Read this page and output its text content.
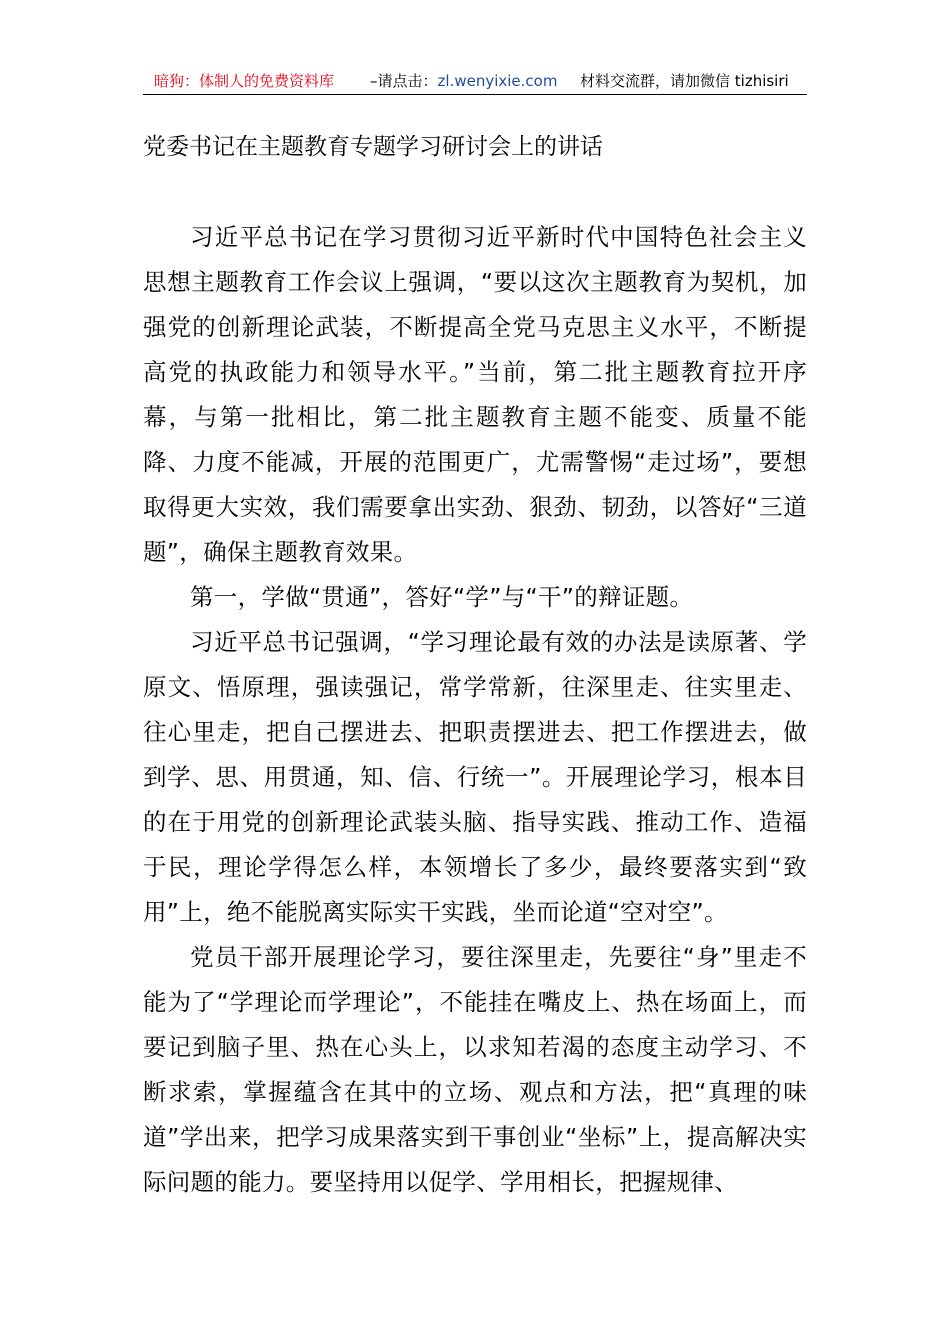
暗狗：体制人的免费资料库 –请点击：zl.wenyixie.com 材料交流群，请加微信 tizhisiri
党委书记在主题教育专题学习研讨会上的讲话

习近平总书记在学习贯彻习近平新时代中国特色社会主义思想主题教育工作会议上强调，“要以这次主题教育为契机，加强党的创新理论武装，不断提高全党马克思主义水平，不断提高党的执政能力和领导水平。”当前，第二批主题教育拉开序幕，与第一批相比，第二批主题教育主题不能变、质量不能降、力度不能减，开展的范围更广，尤需警惕“走过场”，要想取得更大实效，我们需要拿出实劲、狠劲、韧劲，以答好“三道题”，确保主题教育效果。

第一，学做“贯通”，答好“学”与“干”的辩证题。

习近平总书记强调，“学习理论最有效的办法是读原著、学原文、悟原理，强读强记，常学常新，往深里走、往实里走、往心里走，把自己摆进去、把职责摆进去、把工作摆进去，做到学、思、用贯通，知、信、行统一”。开展理论学习，根本目的在于用党的创新理论武装头脑、指导实践、推动工作、造福于民，理论学得怎么样，本领增长了多少，最终要落实到“致用”上，绝不能脱离实际实干实践，坐而论道“空对空”。

党员干部开展理论学习，要往深里走，先要往“身”里走不能为了“学理论而学理论”，不能挂在嘴皮上、热在场面上，而要记到脑子里、热在心头上，以求知若渴的态度主动学习、不断求索，掌握蕴含在其中的立场、观点和方法，把“真理的味道”学出来，把学习成果落实到干事创业“坐标”上，提高解决实际问题的能力。要坚持用以促学、学用相长，把握规律、
